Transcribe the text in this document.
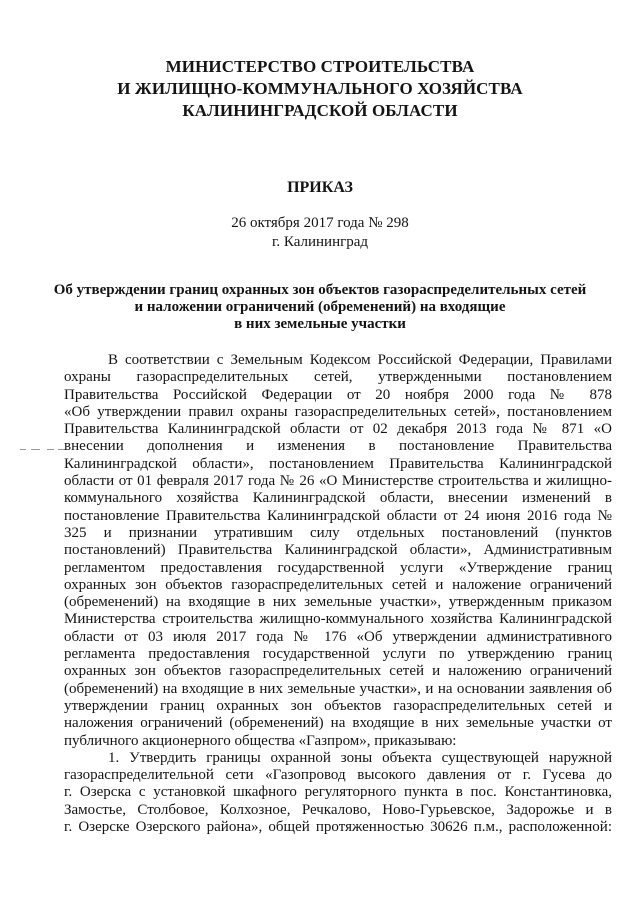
МИНИСТЕРСТВО СТРОИТЕЛЬСТВА
И ЖИЛИЩНО-КОММУНАЛЬНОГО ХОЗЯЙСТВА
КАЛИНИНГРАДСКОЙ ОБЛАСТИ
ПРИКАЗ
26 октября 2017 года № 298
г. Калининград
Об утверждении границ охранных зон объектов газораспределительных сетей
и наложении ограничений (обременений) на входящие
в них земельные участки
В соответствии с Земельным Кодексом Российской Федерации, Правилами
охраны газораспределительных сетей, утвержденными постановлением
Правительства Российской Федерации от 20 ноября 2000 года № 878
«Об утверждении правил охраны газораспределительных сетей», постановлением
Правительства Калининградской области от 02 декабря 2013 года № 871 «О
внесении дополнения и изменения в постановление Правительства
Калининградской области», постановлением Правительства Калининградской
области от 01 февраля 2017 года № 26 «О Министерстве строительства и жилищно-
коммунального хозяйства Калининградской области, внесении изменений в
постановление Правительства Калининградской области от 24 июня 2016 года №
325 и признании утратившим силу отдельных постановлений (пунктов
постановлений) Правительства Калининградской области», Административным
регламентом предоставления государственной услуги «Утверждение границ
охранных зон объектов газораспределительных сетей и наложение ограничений
(обременений) на входящие в них земельные участки», утвержденным приказом
Министерства строительства жилищно-коммунального хозяйства Калининградской
области от 03 июля 2017 года № 176 «Об утверждении административного
регламента предоставления государственной услуги по утверждению границ
охранных зон объектов газораспределительных сетей и наложению ограничений
(обременений) на входящие в них земельные участки», и на основании заявления об
утверждении границ охранных зон объектов газораспределительных сетей и
наложения ограничений (обременений) на входящие в них земельные участки от
публичного акционерного общества «Газпром», приказываю:
1. Утвердить границы охранной зоны объекта существующей наружной
газораспределительной сети «Газопровод высокого давления от г. Гусева до
г. Озерска с установкой шкафного регуляторного пункта в пос. Константиновка,
Замостье, Столбовое, Колхозное, Речкалово, Ново-Гурьевское, Задорожье и в
г. Озерске Озерского района», общей протяженностью 30626 п.м., расположенной:
